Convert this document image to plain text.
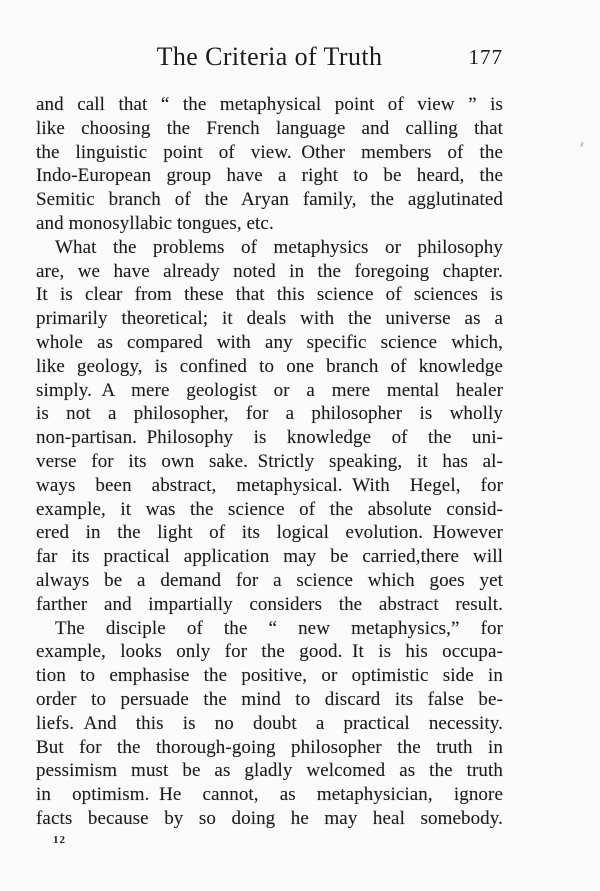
The Criteria of Truth	177
and call that “ the metaphysical point of view ” is
like choosing the French language and calling that
the linguistic point of view. Other members of the
Indo-European group have a right to be heard, the
Semitic branch of the Aryan family, the agglutinated
and monosyllabic tongues, etc.
What the problems of metaphysics or philosophy
are, we have already noted in the foregoing chapter.
It is clear from these that this science of sciences is
primarily theoretical; it deals with the universe as a
whole as compared with any specific science which,
like geology, is confined to one branch of knowledge
simply. A mere geologist or a mere mental healer
is not a philosopher, for a philosopher is wholly
non-partisan. Philosophy is knowledge of the uni-
verse for its own sake. Strictly speaking, it has al-
ways been abstract, metaphysical. With Hegel, for
example, it was the science of the absolute consid-
ered in the light of its logical evolution. However
far its practical application may be carried,there will
always be a demand for a science which goes yet
farther and impartially considers the abstract result.
The disciple of the “ new metaphysics,” for
example, looks only for the good. It is his occupa-
tion to emphasise the positive, or optimistic side in
order to persuade the mind to discard its false be-
liefs. And this is no doubt a practical necessity.
But for the thorough-going philosopher the truth in
pessimism must be as gladly welcomed as the truth
in optimism. He cannot, as metaphysician, ignore
facts because by so doing he may heal somebody.
12
